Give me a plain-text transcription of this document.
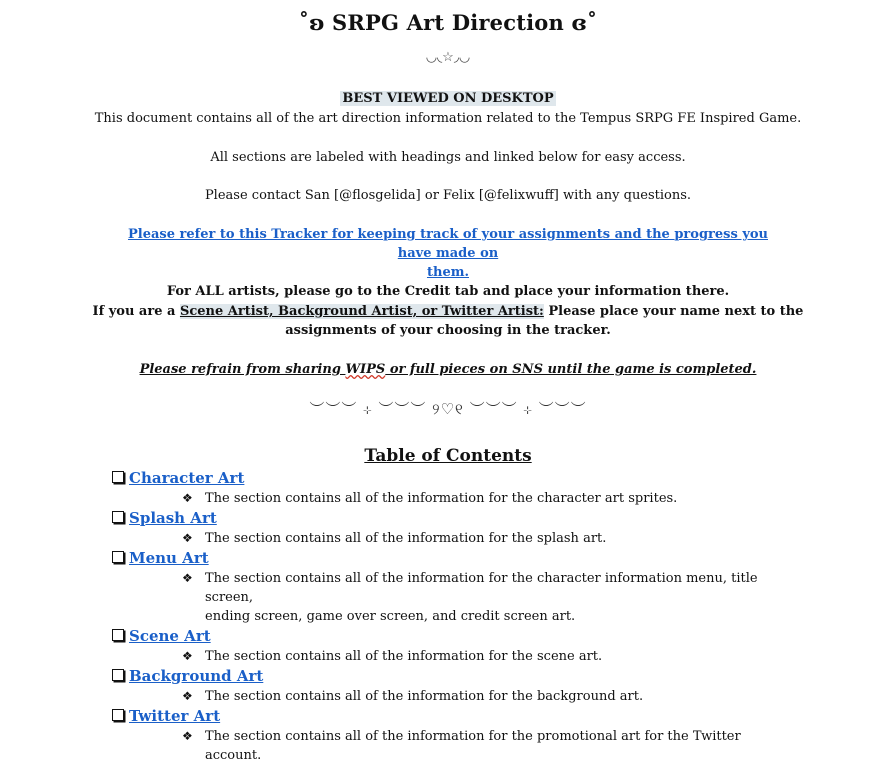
˚ʚ SRPG Art Direction ɞ˚
◡◟☆◞◡
BEST VIEWED ON DESKTOP
This document contains all of the art direction information related to the Tempus SRPG FE Inspired Game.
All sections are labeled with headings and linked below for easy access.
Please contact San [@flosgelida] or Felix [@felixwuff] with any questions.
Please refer to this Tracker for keeping track of your assignments and the progress you have made on
them.
For ALL artists, please go to the Credit tab and place your information there.
If you are a Scene Artist, Background Artist, or Twitter Artist: Please place your name next to the
assignments of your choosing in the tracker.
Please refrain from sharing WIPS or full pieces on SNS until the game is completed.
︶︶︶ ⊹ ︶︶︶ ୨♡୧ ︶︶︶ ⊹ ︶︶︶
Table of Contents
Character Art
❖ The section contains all of the information for the character art sprites.
Splash Art
❖ The section contains all of the information for the splash art.
Menu Art
❖ The section contains all of the information for the character information menu, title screen,
ending screen, game over screen, and credit screen art.
Scene Art
❖ The section contains all of the information for the scene art.
Background Art
❖ The section contains all of the information for the background art.
Twitter Art
❖ The section contains all of the information for the promotional art for the Twitter account.
